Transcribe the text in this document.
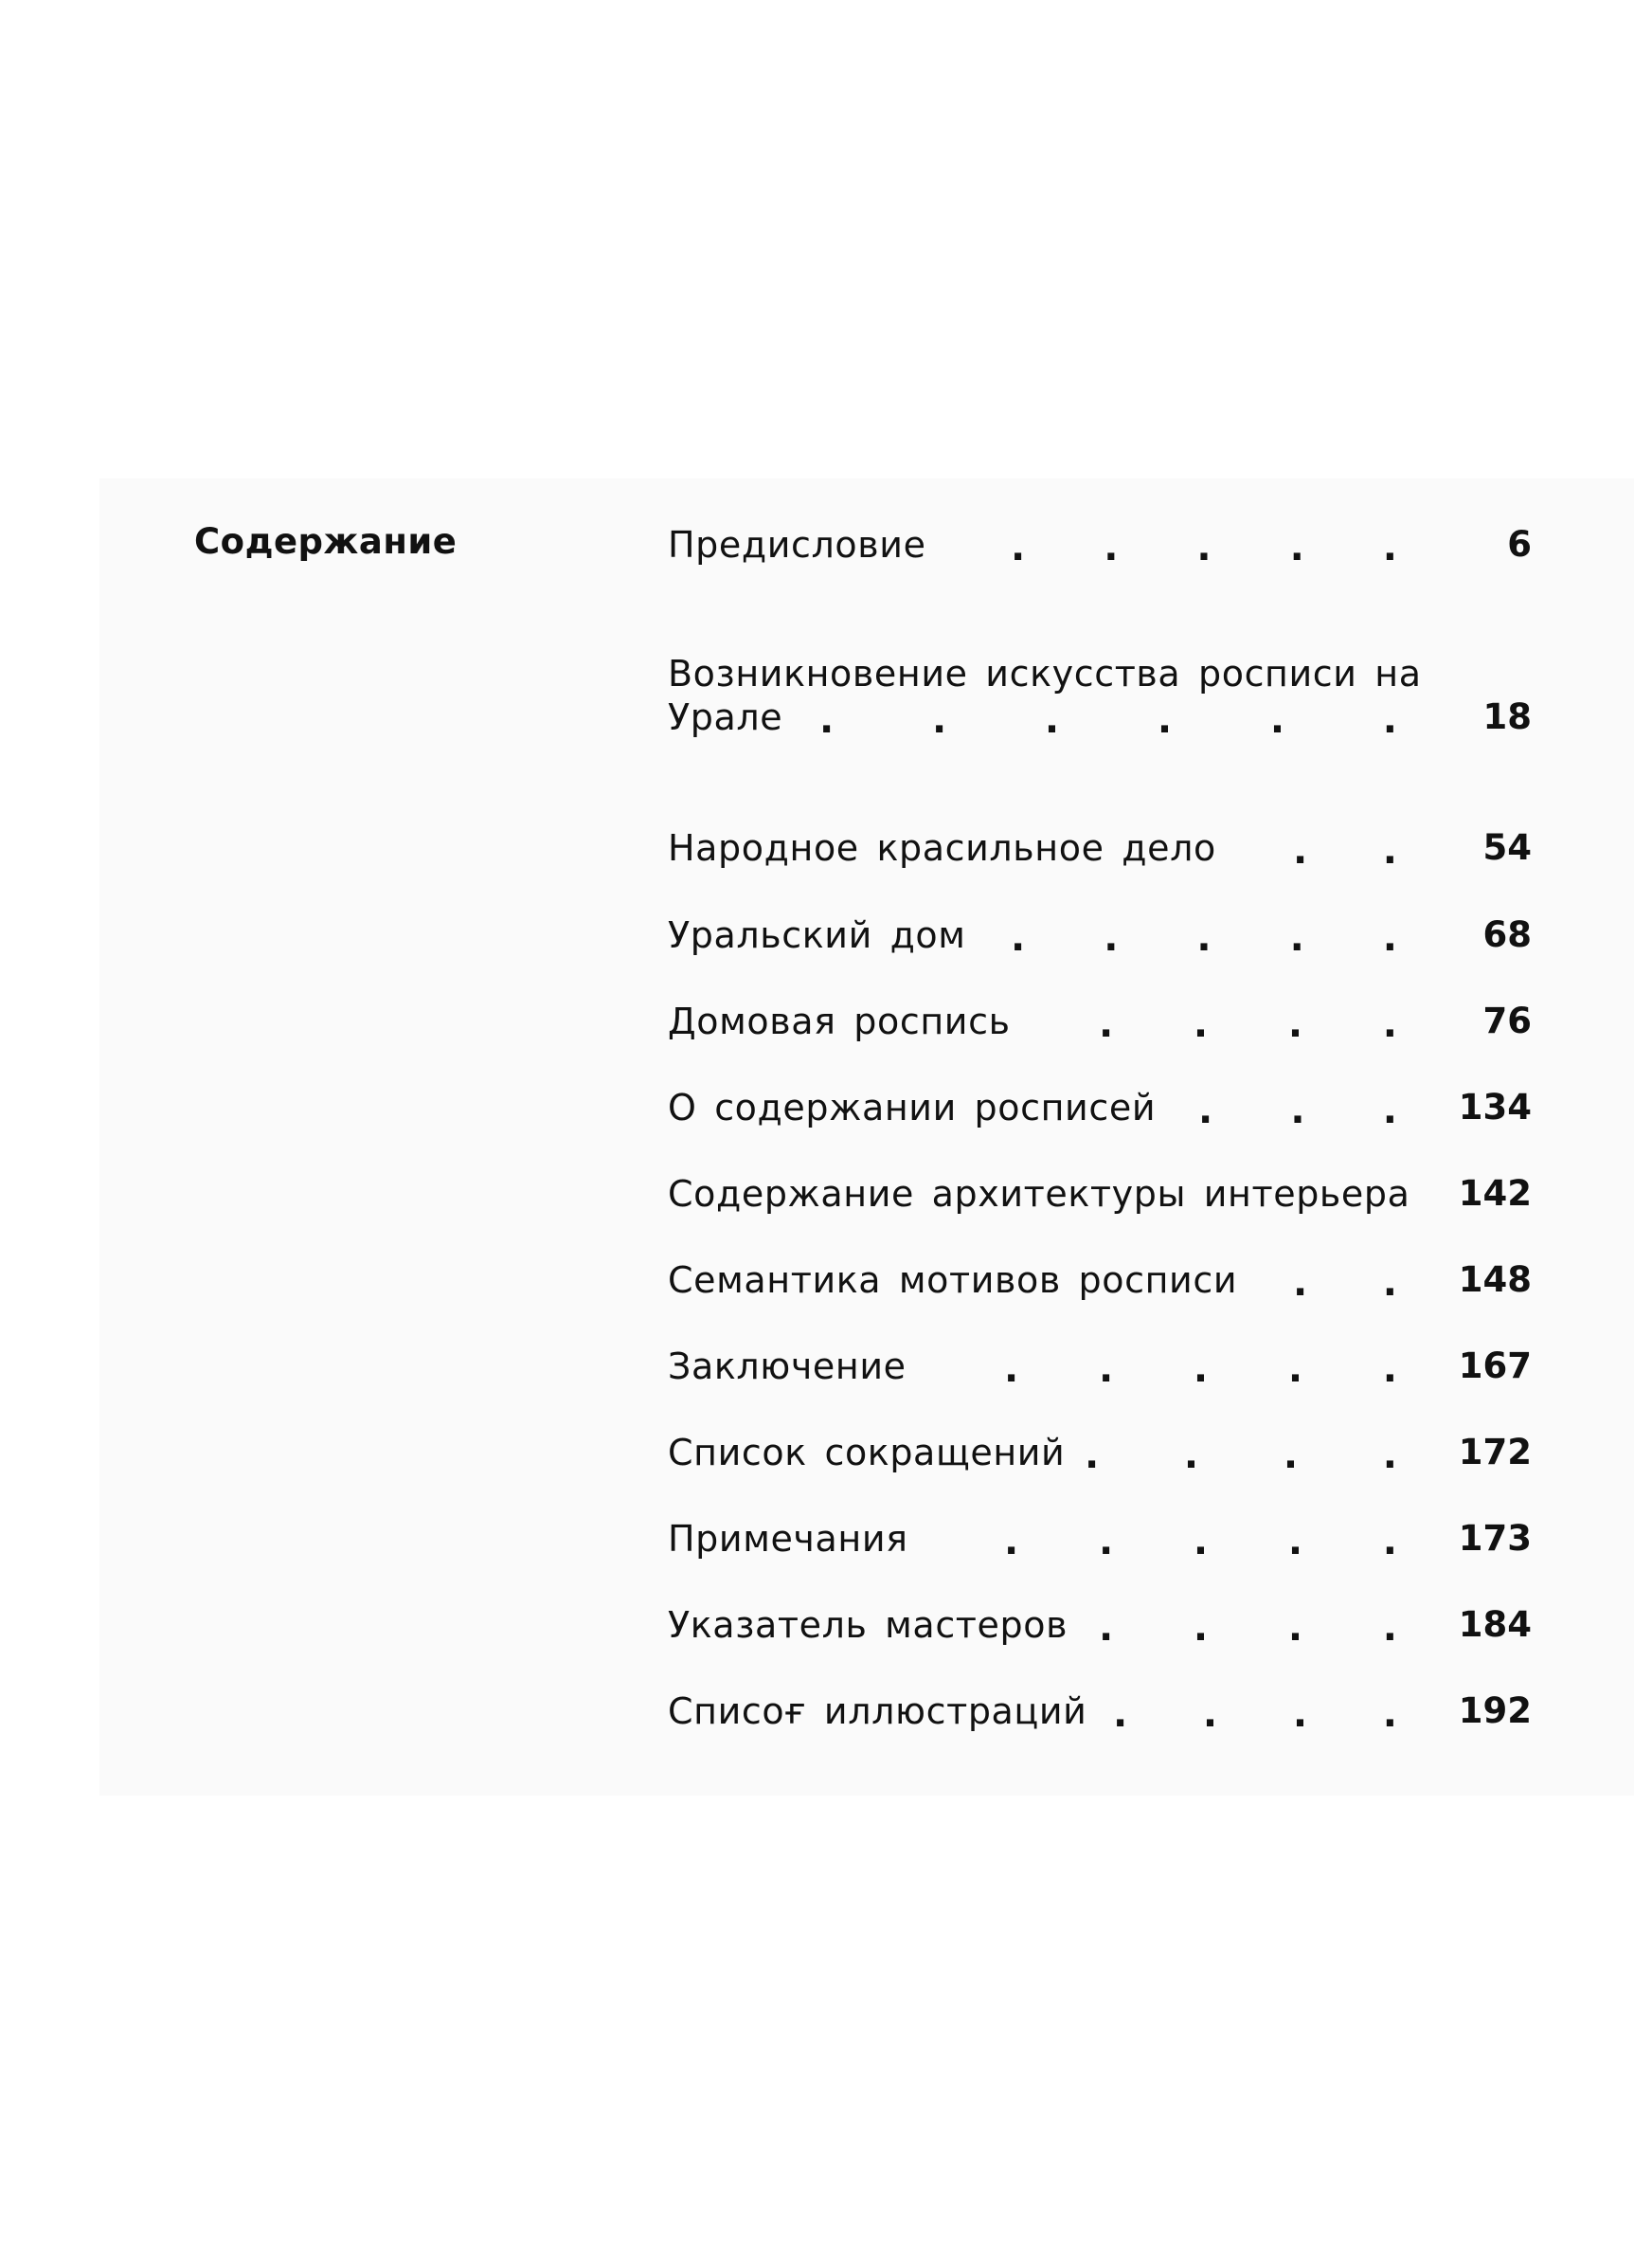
Содержание	Предисловие . . . . .	6
Возникновение искусства росписи на
Урале .	.	.	.	.	. 18
Народное красильное дело . . 54
Уральский дом . . . . . 68
Домовая роспись . . . . 76
О содержании росписей . . . 134
Содержание архитектуры интерьера 142
Семантика мотивов росписи . . 148
Заключение	. . . . . 167
Список сокращений . . . . 172
Примечания	. . . . . 173
Указатель мастеров . . . . 184
Списоғ иллюстраций . . . . 192
